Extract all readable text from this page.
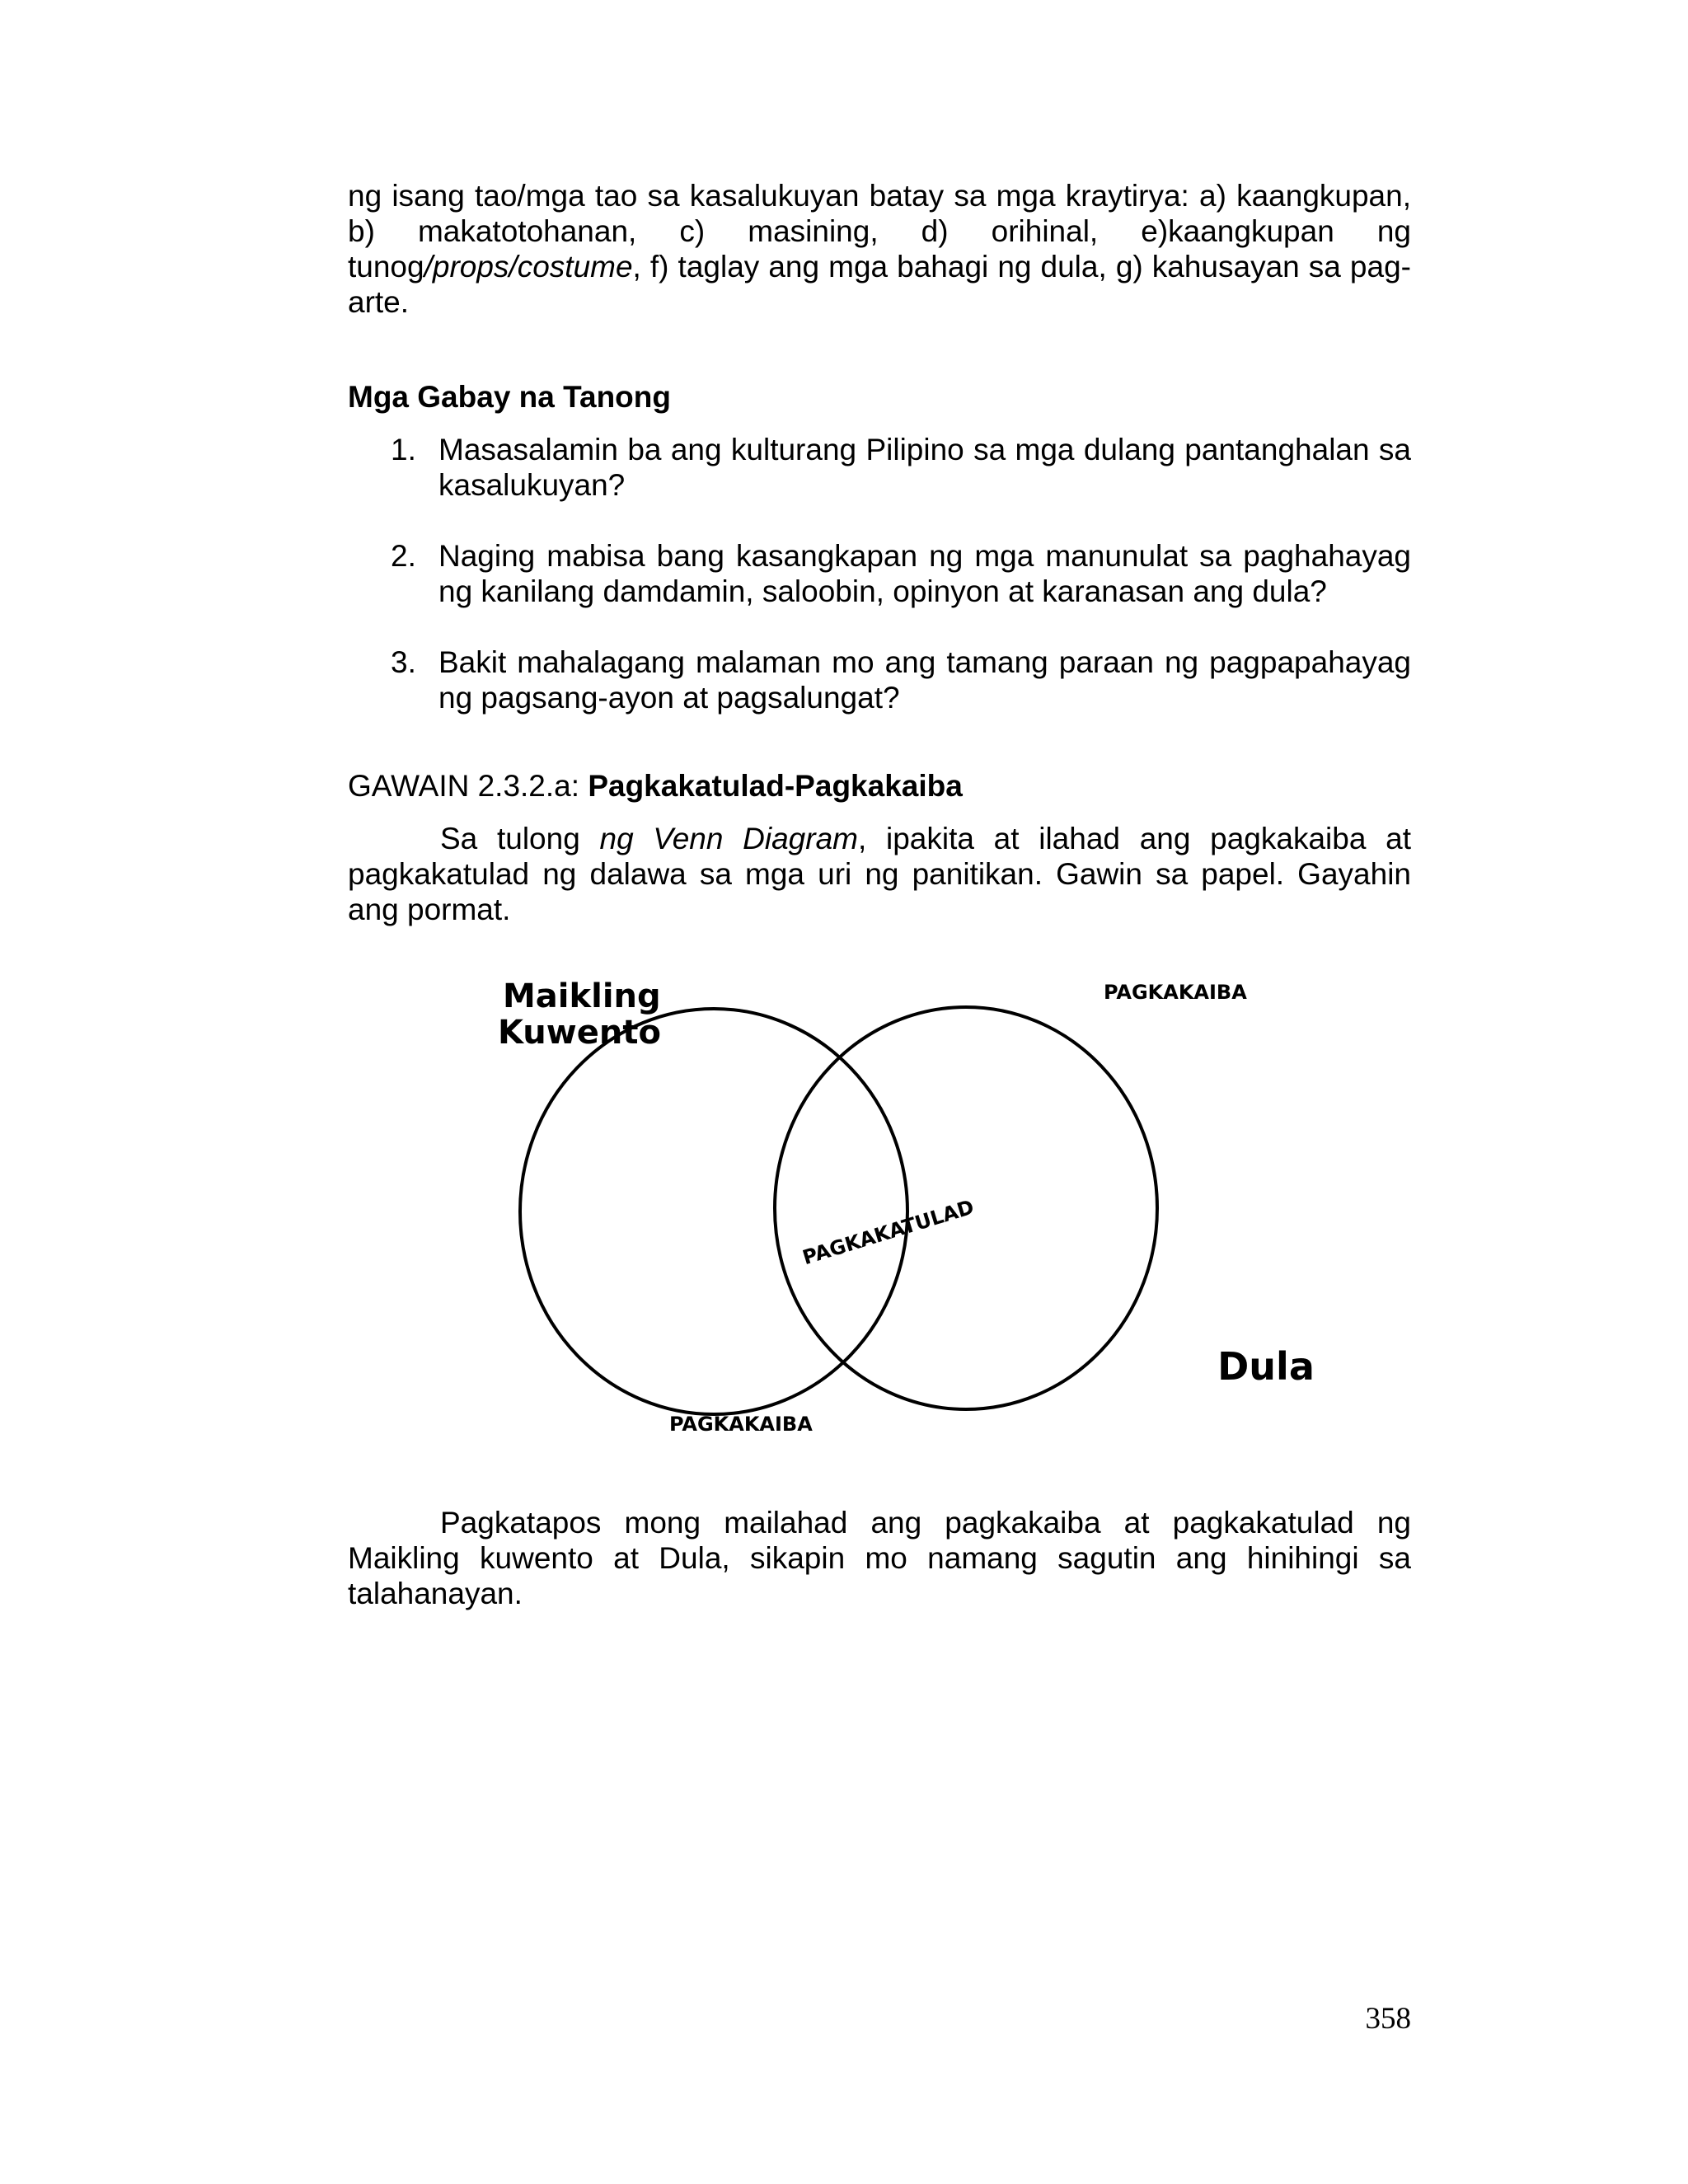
ng isang tao/mga tao sa kasalukuyan batay sa mga kraytirya: a) kaangkupan, b) makatotohanan, c) masining, d) orihinal, e)kaangkupan ng tunog/props/costume, f) taglay ang mga bahagi ng dula, g) kahusayan sa pag-arte.

Mga Gabay na Tanong
1. Masasalamin ba ang kulturang Pilipino sa mga dulang pantanghalan sa kasalukuyan?
2. Naging mabisa bang kasangkapan ng mga manunulat sa paghahayag ng kanilang damdamin, saloobin, opinyon at karanasan ang dula?
3. Bakit mahalagang malaman mo ang tamang paraan ng pagpapahayag ng pagsang-ayon at pagsalungat?
GAWAIN 2.3.2.a: Pagkakatulad-Pagkakaiba

Sa tulong ng Venn Diagram, ipakita at ilahad ang pagkakaiba at pagkakatulad ng dalawa sa mga uri ng panitikan. Gawin sa papel. Gayahin ang pormat.

Maikling
Kuwento
PAGKAKAIBA
PAGKAKATULAD
PAGKAKAIBA
Dula

Pagkatapos mong mailahad ang pagkakaiba at pagkakatulad ng Maikling kuwento at Dula, sikapin mo namang sagutin ang hinihingi sa talahanayan.

358
